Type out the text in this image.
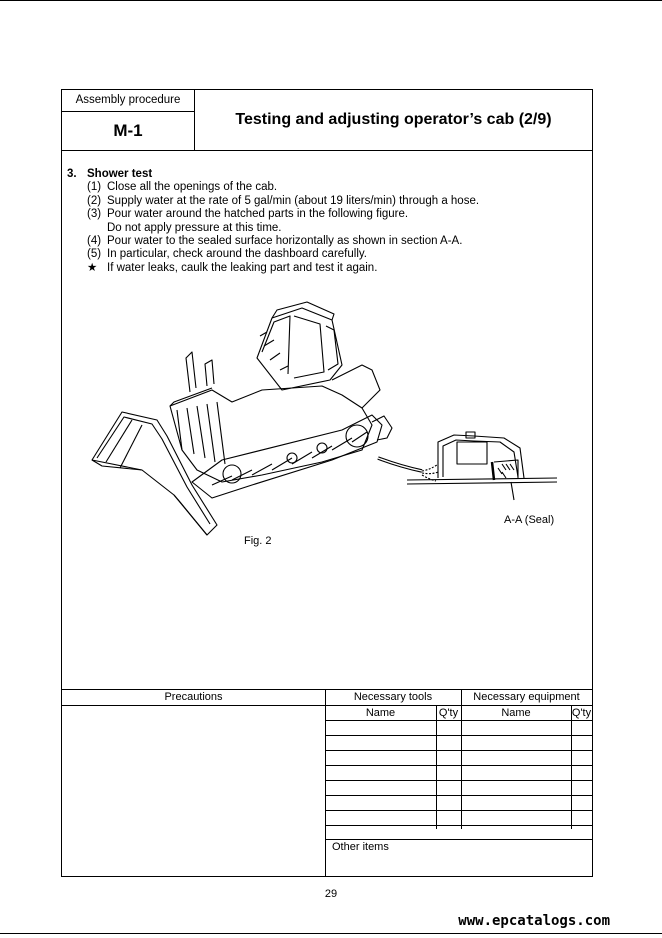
Assembly procedure
M-1
Testing and adjusting operator’s cab (2/9)
3. Shower test
(1) Close all the openings of the cab.
(2) Supply water at the rate of 5 gal/min (about 19 liters/min) through a hose.
(3) Pour water around the hatched parts in the following figure.
Do not apply pressure at this time.
(4) Pour water to the sealed surface horizontally as shown in section A-A.
(5) In particular, check around the dashboard carefully.
★ If water leaks, caulk the leaking part and test it again.
Fig. 2
A-A (Seal)
Precautions	Necessary tools	Necessary equipment
Name	Q'ty	Name	Q'ty
Other items
29
www.epcatalogs.com
